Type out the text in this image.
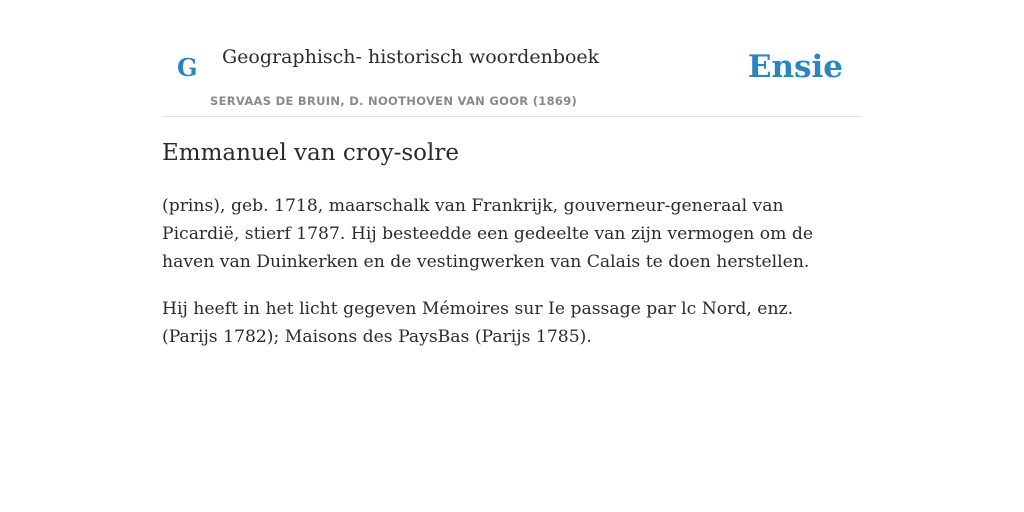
G Geographisch- historisch woordenboek
SERVAAS DE BRUIN, D. NOOTHOVEN VAN GOOR (1869)
Ensie
Emmanuel van croy-solre

(prins), geb. 1718, maarschalk van Frankrijk, gouverneur-generaal van Picardië, stierf 1787. Hij besteedde een gedeelte van zijn vermogen om de haven van Duinkerken en de vestingwerken van Calais te doen herstellen.

Hij heeft in het licht gegeven Mémoires sur Ie passage par lc Nord, enz. (Parijs 1782); Maisons des PaysBas (Parijs 1785).
